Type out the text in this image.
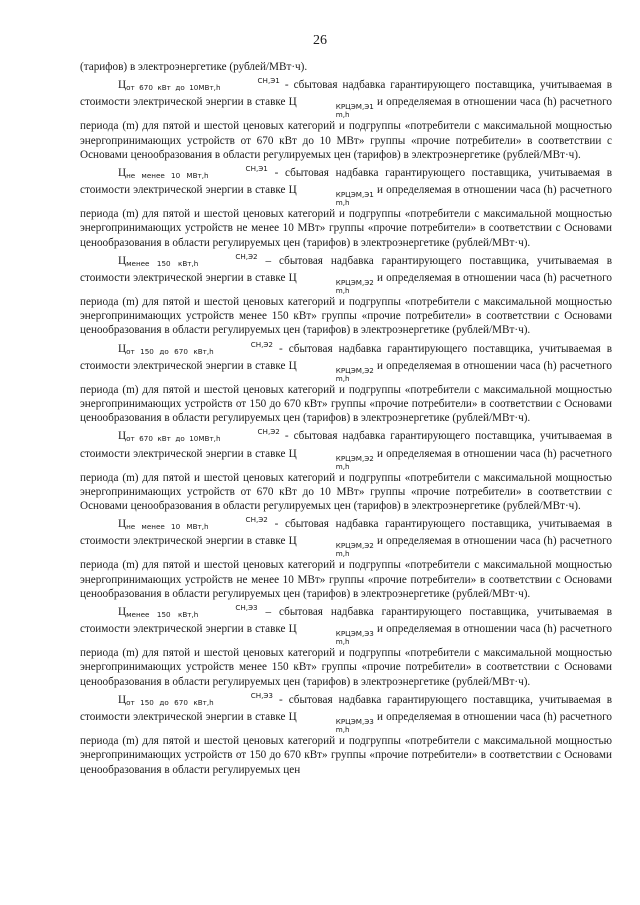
26

(тарифов) в электроэнергетике (рублей/МВт·ч).

$Ц_{от 670 кВт до 10МВт,h}СН,Э1$ - сбытовая надбавка гарантирующего поставщика, учитываемая в стоимости электрической энергии в ставке Ц	КРЦЭМ,Э1
m,h
и определяемая в отношении часа (h) расчетного периода (m) для пятой и шестой ценовых категорий и подгруппы «потребители с максимальной мощностью энергопринимающих устройств от 670 кВт до 10 МВт» группы «прочие потребители» в соответствии с Основами ценообразования в области регулируемых цен (тарифов) в электроэнергетике (рублей/МВт·ч).

$Ц_{не менее 10 МВт,h}СН,Э1$ - сбытовая надбавка гарантирующего поставщика, учитываемая в стоимости электрической энергии в ставке Ц	КРЦЭМ,Э1
m,h
и определяемая в отношении часа (h) расчетного периода (m) для пятой и шестой ценовых категорий и подгруппы «потребители с максимальной мощностью энергопринимающих устройств не менее 10 МВт» группы «прочие потребители» в соответствии с Основами ценообразования в области регулируемых цен (тарифов) в электроэнергетике (рублей/МВт·ч).

$Ц_{менее 150 кВт,h}СН,Э2$ – сбытовая надбавка гарантирующего поставщика, учитываемая в стоимости электрической энергии в ставке Ц	КРЦЭМ,Э2
m,h
и определяемая в отношении часа (h) расчетного периода (m) для пятой и шестой ценовых категорий и подгруппы «потребители с максимальной мощностью энергопринимающих устройств менее 150 кВт» группы «прочие потребители» в соответствии с Основами ценообразования в области регулируемых цен (тарифов) в электроэнергетике (рублей/МВт·ч).

$Ц_{от 150 до 670 кВт,h}СН,Э2$ - сбытовая надбавка гарантирующего поставщика, учитываемая в стоимости электрической энергии в ставке Ц	КРЦЭМ,Э2
m,h
и определяемая в отношении часа (h) расчетного периода (m) для пятой и шестой ценовых категорий и подгруппы «потребители с максимальной мощностью энергопринимающих устройств от 150 до 670 кВт» группы «прочие потребители» в соответствии с Основами ценообразования в области регулируемых цен (тарифов) в электроэнергетике (рублей/МВт·ч).

$Ц_{от 670 кВт до 10МВт,h}СН,Э2$ - сбытовая надбавка гарантирующего поставщика, учитываемая в стоимости электрической энергии в ставке Ц	КРЦЭМ,Э2
m,h
и определяемая в отношении часа (h) расчетного периода (m) для пятой и шестой ценовых категорий и подгруппы «потребители с максимальной мощностью энергопринимающих устройств от 670 кВт до 10 МВт» группы «прочие потребители» в соответствии с Основами ценообразования в области регулируемых цен (тарифов) в электроэнергетике (рублей/МВт·ч).

$Ц_{не менее 10 МВт,h}СН,Э2$ - сбытовая надбавка гарантирующего поставщика, учитываемая в стоимости электрической энергии в ставке Ц	КРЦЭМ,Э2
m,h
и определяемая в отношении часа (h) расчетного периода (m) для пятой и шестой ценовых категорий и подгруппы «потребители с максимальной мощностью энергопринимающих устройств не менее 10 МВт» группы «прочие потребители» в соответствии с Основами ценообразования в области регулируемых цен (тарифов) в электроэнергетике (рублей/МВт·ч).

$Ц_{менее 150 кВт,h}СН,Э3$ – сбытовая надбавка гарантирующего поставщика, учитываемая в стоимости электрической энергии в ставке Ц	КРЦЭМ,Э3
m,h
и определяемая в отношении часа (h) расчетного периода (m) для пятой и шестой ценовых категорий и подгруппы «потребители с максимальной мощностью энергопринимающих устройств менее 150 кВт» группы «прочие потребители» в соответствии с Основами ценообразования в области регулируемых цен (тарифов) в электроэнергетике (рублей/МВт·ч).

$Ц_{от 150 до 670 кВт,h}СН,Э3$ - сбытовая надбавка гарантирующего поставщика, учитываемая в стоимости электрической энергии в ставке Ц	КРЦЭМ,Э3
m,h
и определяемая в отношении часа (h) расчетного периода (m) для пятой и шестой ценовых категорий и подгруппы «потребители с максимальной мощностью энергопринимающих устройств от 150 до 670 кВт» группы «прочие потребители» в соответствии с Основами ценообразования в области регулируемых цен
